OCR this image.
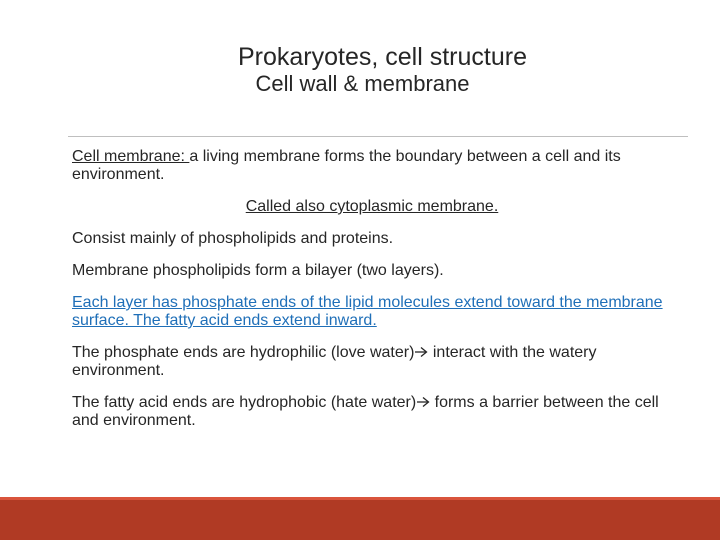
Prokaryotes, cell structure
Cell wall & membrane

Cell membrane: a living membrane forms the boundary between a cell and its environment.

Called also cytoplasmic membrane.

Consist mainly of phospholipids and proteins.

Membrane phospholipids form a bilayer (two layers).

Each layer has phosphate ends of the lipid molecules extend toward the membrane surface. The fatty acid ends extend inward.

The phosphate ends are hydrophilic (love water) interact with the watery environment.

The fatty acid ends are hydrophobic (hate water) forms a barrier between the cell and environment.
